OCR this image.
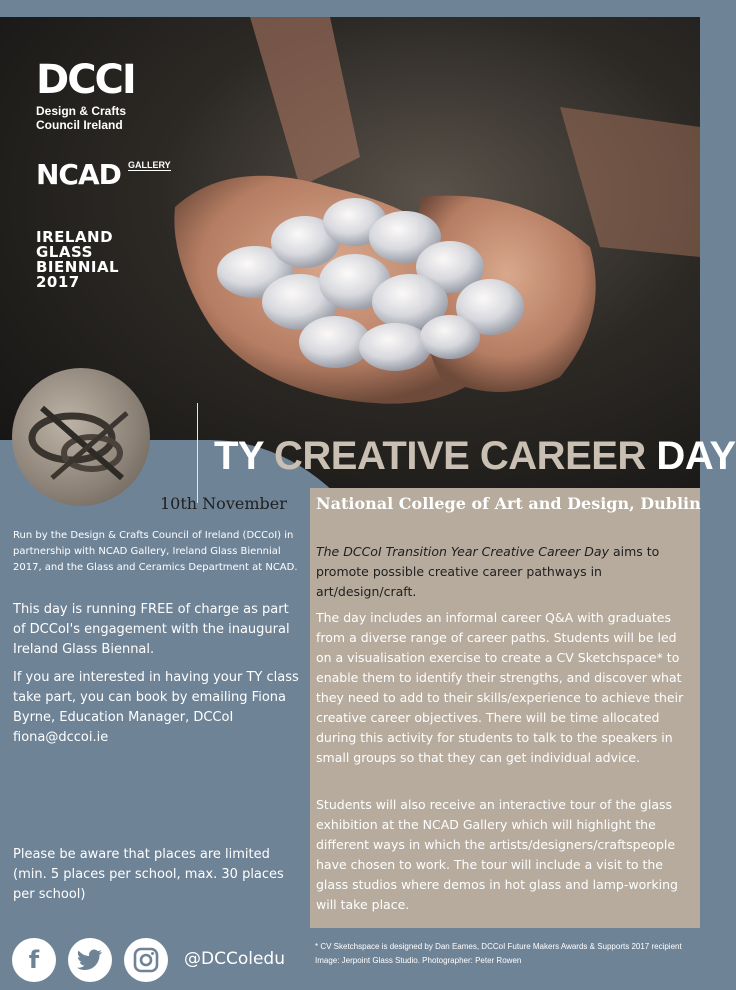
DCCI
Design & Crafts Council Ireland
NCAD GALLERY
IRELAND
GLASS
BIENNIAL
2017
TY CREATIVE CAREER DAY
10th November National College of Art and Design, Dublin
Run by the Design & Crafts Council of Ireland (DCCoI) in partnership with NCAD Gallery, Ireland Glass Biennial 2017, and the Glass and Ceramics Department at NCAD.
This day is running FREE of charge as part of DCCoI's engagement with the inaugural Ireland Glass Biennal.
If you are interested in having your TY class take part, you can book by emailing Fiona Byrne, Education Manager, DCCoI
fiona@dccoi.ie
Please be aware that places are limited (min. 5 places per school, max. 30 places per school)
The DCCoI Transition Year Creative Career Day aims to promote possible creative career pathways in art/design/craft.
The day includes an informal career Q&A with graduates from a diverse range of career paths. Students will be led on a visualisation exercise to create a CV Sketchspace* to enable them to identify their strengths, and discover what they need to add to their skills/experience to achieve their creative career objectives. There will be time allocated during this activity for students to talk to the speakers in small groups so that they can get individual advice.
Students will also receive an interactive tour of the glass exhibition at the NCAD Gallery which will highlight the different ways in which the artists/designers/craftspeople have chosen to work. The tour will include a visit to the glass studios where demos in hot glass and lamp-working will take place.
f	@DCColedu
* CV Sketchspace is designed by Dan Eames, DCCoI Future Makers Awards & Supports 2017 recipient
Image: Jerpoint Glass Studio. Photographer: Peter Rowen
